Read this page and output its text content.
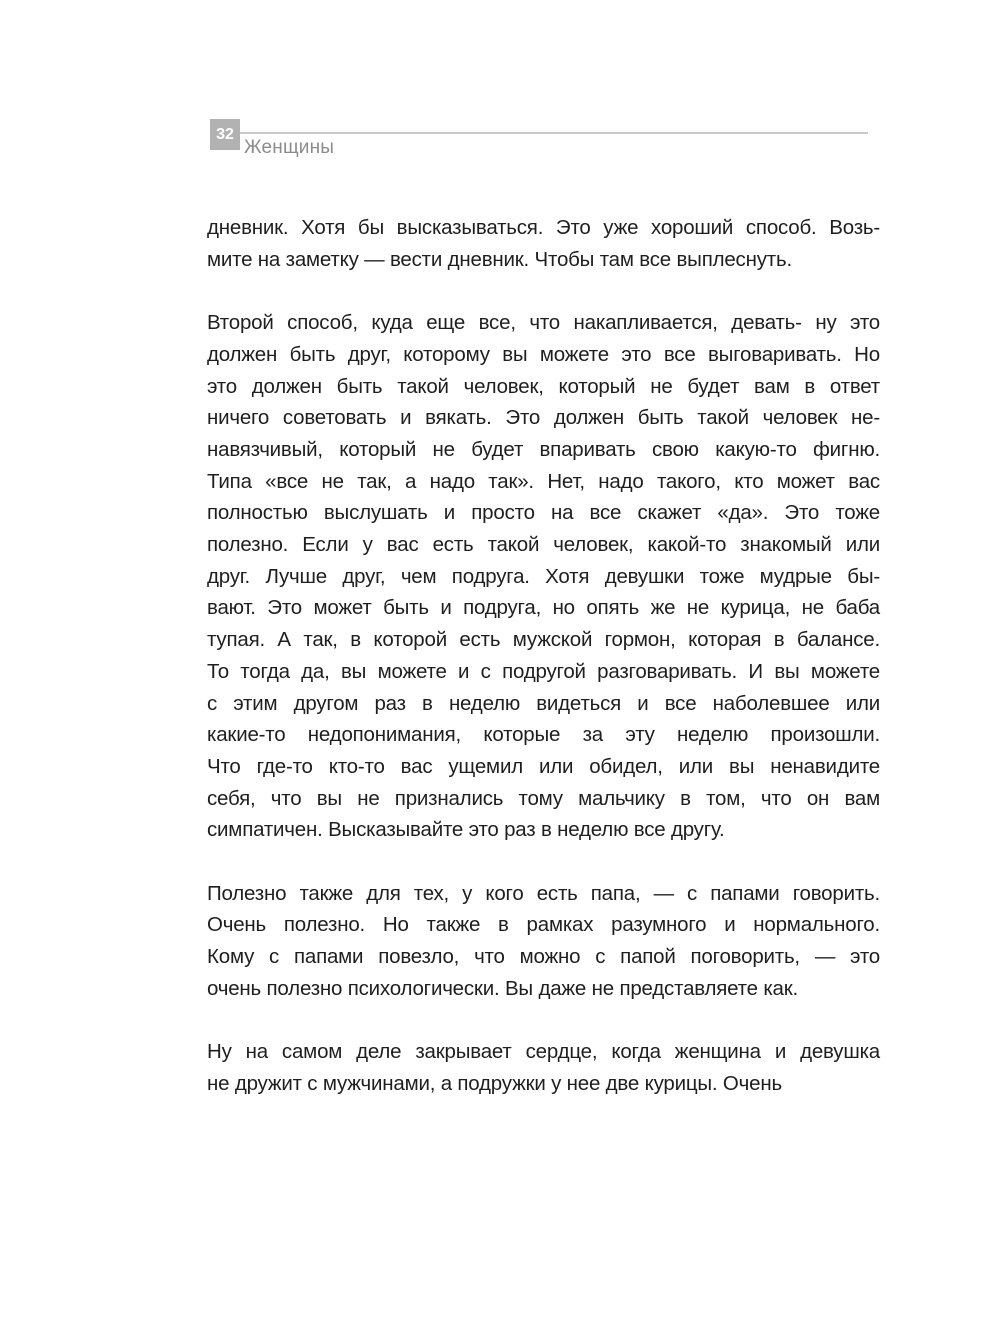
32
Женщины
дневник. Хотя бы высказываться. Это уже хороший способ. Возь-
мите на заметку — вести дневник. Чтобы там все выплеснуть.
Второй способ, куда еще все, что накапливается, девать- ну это
должен быть друг, которому вы можете это все выговаривать. Но
это должен быть такой человек, который не будет вам в ответ
ничего советовать и вякать. Это должен быть такой человек не-
навязчивый, который не будет впаривать свою какую-то фигню.
Типа «все не так, а надо так». Нет, надо такого, кто может вас
полностью выслушать и просто на все скажет «да». Это тоже
полезно. Если у вас есть такой человек, какой-то знакомый или
друг. Лучше друг, чем подруга. Хотя девушки тоже мудрые бы-
вают. Это может быть и подруга, но опять же не курица, не баба
тупая. А так, в которой есть мужской гормон, которая в балансе.
То тогда да, вы можете и с подругой разговаривать. И вы можете
с этим другом раз в неделю видеться и все наболевшее или
какие-то недопонимания, которые за эту неделю произошли.
Что где-то кто-то вас ущемил или обидел, или вы ненавидите
себя, что вы не признались тому мальчику в том, что он вам
симпатичен. Высказывайте это раз в неделю все другу.
Полезно также для тех, у кого есть папа, — с папами говорить.
Очень полезно. Но также в рамках разумного и нормального.
Кому с папами повезло, что можно с папой поговорить, — это
очень полезно психологически. Вы даже не представляете как.
Ну на самом деле закрывает сердце, когда женщина и девушка
не дружит с мужчинами, а подружки у нее две курицы. Очень
